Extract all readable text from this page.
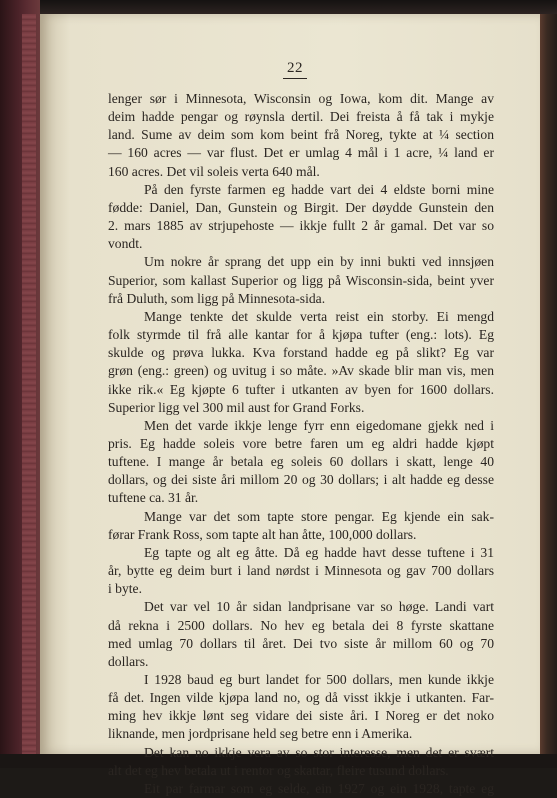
22

lenger sør i Minnesota, Wisconsin og Iowa, kom dit. Mange av

deim hadde pengar og røynsla dertil. Dei freista å få tak i mykje

land. Sume av deim som kom beint frå Noreg, tykte at ¼ section

— 160 acres — var flust. Det er umlag 4 mål i 1 acre, ¼ land er

160 acres. Det vil soleis verta 640 mål.

På den fyrste farmen eg hadde vart dei 4 eldste borni mine

fødde: Daniel, Dan, Gunstein og Birgit. Der døydde Gunstein den

2. mars 1885 av strjupehoste — ikkje fullt 2 år gamal. Det var so

vondt.

Um nokre år sprang det upp ein by inni bukti ved innsjøen

Superior, som kallast Superior og ligg på Wisconsin-sida, beint yver

frå Duluth, som ligg på Minnesota-sida.

Mange tenkte det skulde verta reist ein storby. Ei mengd

folk styrmde til frå alle kantar for å kjøpa tufter (eng.: lots). Eg

skulde og prøva lukka. Kva forstand hadde eg på slikt? Eg var

grøn (eng.: green) og uvitug i so måte. »Av skade blir man vis, men

ikke rik.« Eg kjøpte 6 tufter i utkanten av byen for 1600 dollars.

Superior ligg vel 300 mil aust for Grand Forks.

Men det varde ikkje lenge fyrr enn eigedomane gjekk ned i

pris. Eg hadde soleis vore betre faren um eg aldri hadde kjøpt

tuftene. I mange år betala eg soleis 60 dollars i skatt, lenge 40

dollars, og dei siste åri millom 20 og 30 dollars; i alt hadde eg desse

tuftene ca. 31 år.

Mange var det som tapte store pengar. Eg kjende ein sak-

førar Frank Ross, som tapte alt han åtte, 100,000 dollars.

Eg tapte og alt eg åtte. Då eg hadde havt desse tuftene i 31

år, bytte eg deim burt i land nørdst i Minnesota og gav 700 dollars

i byte.

Det var vel 10 år sidan landprisane var so høge. Landi vart

då rekna i 2500 dollars. No hev eg betala dei 8 fyrste skattane

med umlag 70 dollars til året. Dei tvo siste år millom 60 og 70

dollars.

I 1928 baud eg burt landet for 500 dollars, men kunde ikkje

få det. Ingen vilde kjøpa land no, og då visst ikkje i utkanten. Far-

ming hev ikkje lønt seg vidare dei siste åri. I Noreg er det noko

liknande, men jordprisane held seg betre enn i Amerika.

Det kan no ikkje vera av so stor interesse, men det er svært

alt det eg hev betala ut i rentor og skattar, fleire tusund dollars.

Eit par farmar som eg selde, ein 1927 og ein 1928, tapte eg
